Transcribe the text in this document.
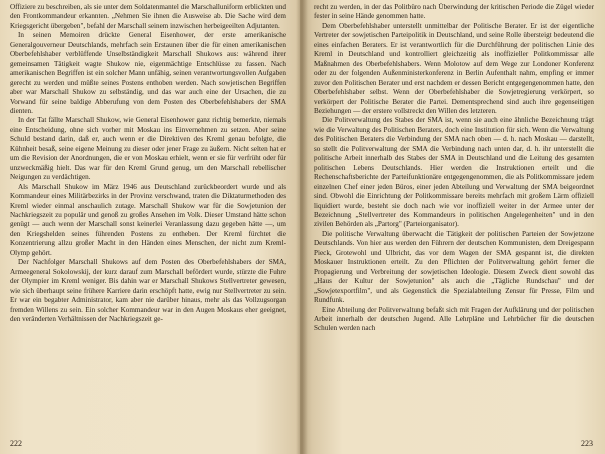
Offiziere zu beschreiben, als sie unter dem Soldatenmantel die Marschalluniform erblickten und den Frontkommandeur erkannten. „Nehmen Sie ihnen die Ausweise ab. Die Sache wird dem Kriegsgericht übergeben", befahl der Marschall seinem inzwischen herbeigeeilten Adjutanten.

In seinen Memoiren drückte General Eisenhower, der erste amerikanische Generalgouverneur Deutschlands, mehrfach sein Erstaunen über die für einen amerikanischen Oberbefehlshaber verblüffende Unselbständigkeit Marschall Shukows aus: während ihrer gemeinsamen Tätigkeit wagte Shukow nie, eigenmächtige Entschlüsse zu fassen. Nach amerikanischen Begriffen ist ein solcher Mann unfähig, seinen verantwortungsvollen Aufgaben gerecht zu werden und müßte seines Postens enthoben werden. Nach sowjetischen Begriffen aber war Marschall Shukow zu selbständig, und das war auch eine der Ursachen, die zu Vorwand für seine baldige Abberufung von dem Posten des Oberbefehlshabers der SMA dienten.

In der Tat fällte Marschall Shukow, wie General Eisenhower ganz richtig bemerkte, niemals eine Entscheidung, ohne sich vorher mit Moskau ins Einvernehmen zu setzen. Aber seine Schuld bestand darin, daß er, auch wenn er die Direktiven des Kreml genau befolgte, die Kühnheit besaß, seine eigene Meinung zu dieser oder jener Frage zu äußern. Nicht selten hat er um die Revision der Anordnungen, die er von Moskau erhielt, wenn er sie für verfrüht oder für unzweckmäßig hielt. Das war für den Kreml Grund genug, um den Marschall rebellischer Neigungen zu verdächtigen.

Als Marschall Shukow im März 1946 aus Deutschland zurückbeordert wurde und als Kommandeur eines Militärbezirks in der Provinz verschwand, traten die Diktaturmethoden des Kreml wieder einmal anschaulich zutage. Marschall Shukow war für die Sowjetunion der Nachkriegszeit zu populär und genoß zu großes Ansehen im Volk. Dieser Umstand hätte schon genügt — auch wenn der Marschall sonst keinerlei Veranlassung dazu gegeben hätte —, um den Kriegshelden seines führenden Postens zu entheben. Der Kreml fürchtet die Konzentrierung allzu großer Macht in den Händen eines Menschen, der nicht zum Kreml-Olymp gehört.

Der Nachfolger Marschall Shukows auf dem Posten des Oberbefehlshabers der SMA, Armeegeneral Sokolowskij, der kurz darauf zum Marschall befördert wurde, stürzte die Fuhre der Olympier im Kreml weniger. Bis dahin war er Marschall Shukows Stellvertreter gewesen, wie sich überhaupt seine frühere Karriere darin erschöpft hatte, ewig nur Stellvertreter zu sein. Er war ein begabter Administrator, kam aber nie darüber hinaus, mehr als das Vollzugsorgan fremden Willens zu sein. Ein solcher Kommandeur war in den Augen Moskaus eher geeignet, den veränderten Verhältnissen der Nachkriegszeit ge-

222

recht zu werden, in der das Politbüro nach Überwindung der kritischen Periode die Zügel wieder fester in seine Hände genommen hatte.

Dem Oberbefehlshaber unterstellt unmittelbar der Politische Berater. Er ist der eigentliche Vertreter der sowjetischen Parteipolitik in Deutschland, und seine Rolle übersteigt bedeutend die eines einfachen Beraters. Er ist verantwortlich für die Durchführung der politischen Linie des Kreml in Deutschland und kontrolliert gleichzeitig als inoffizieller Politkommissar alle Maßnahmen des Oberbefehlshabers. Wenn Molotow auf dem Wege zur Londoner Konferenz oder zu der folgenden Außenministerkonferenz in Berlin Aufenthalt nahm, empfing er immer zuvor den Politischen Berater und erst nachdem er dessen Bericht entgegengenommen hatte, den Oberbefehlshaber selbst. Wenn der Oberbefehlshaber die Sowjetregierung verkörpert, so verkörpert der Politische Berater die Partei. Dementsprechend sind auch ihre gegenseitigen Beziehungen — der erstere vollstreckt den Willen des letzteren.

Die Politverwaltung des Stabes der SMA ist, wenn sie auch eine ähnliche Bezeichnung trägt wie die Verwaltung des Politischen Beraters, doch eine Institution für sich. Wenn die Verwaltung des Politischen Beraters die Verbindung der SMA nach oben — d. h. nach Moskau — darstellt, so stellt die Politverwaltung der SMA die Verbindung nach unten dar, d. h. ihr unterstellt die politische Arbeit innerhalb des Stabes der SMA in Deutschland und die Leitung des gesamten politischen Lebens Deutschlands. Hier werden die Instruktionen erteilt und die Rechenschaftsberichte der Parteifunktionäre entgegengenommen, die als Politkommissare jedem einzelnen Chef einer jeden Büros, einer jeden Abteilung und Verwaltung der SMA beigeordnet sind. Obwohl die Einrichtung der Politkommissare bereits mehrfach mit großem Lärm offiziell liquidiert wurde, besteht sie doch nach wie vor inoffiziell weiter in der Armee unter der Bezeichnung „Stellvertreter des Kommandeurs in politischen Angelegenheiten" und in den zivilen Behörden als „Partorg" (Parteiorganisator).

Die politische Verwaltung überwacht die Tätigkeit der politischen Parteien der Sowjetzone Deutschlands. Von hier aus werden den Führern der deutschen Kommunisten, dem Dreigespann Pieck, Grotewohl und Ulbricht, das vor dem Wagen der SMA gespannt ist, die direkten Moskauer Instruktionen erteilt. Zu den Pflichten der Politverwaltung gehört ferner die Propagierung und Verbreitung der sowjetischen Ideologie. Diesem Zweck dient sowohl das „Haus der Kultur der Sowjetunion" als auch die „Tägliche Rundschau" und der „Sowjetexportfilm", und als Gegenstück die Spezialabteilung Zensur für Presse, Film und Rundfunk.

Eine Abteilung der Politverwaltung befaßt sich mit Fragen der Aufklärung und der politischen Arbeit innerhalb der deutschen Jugend. Alle Lehrpläne und Lehrbücher für die deutschen Schulen werden nach

223
